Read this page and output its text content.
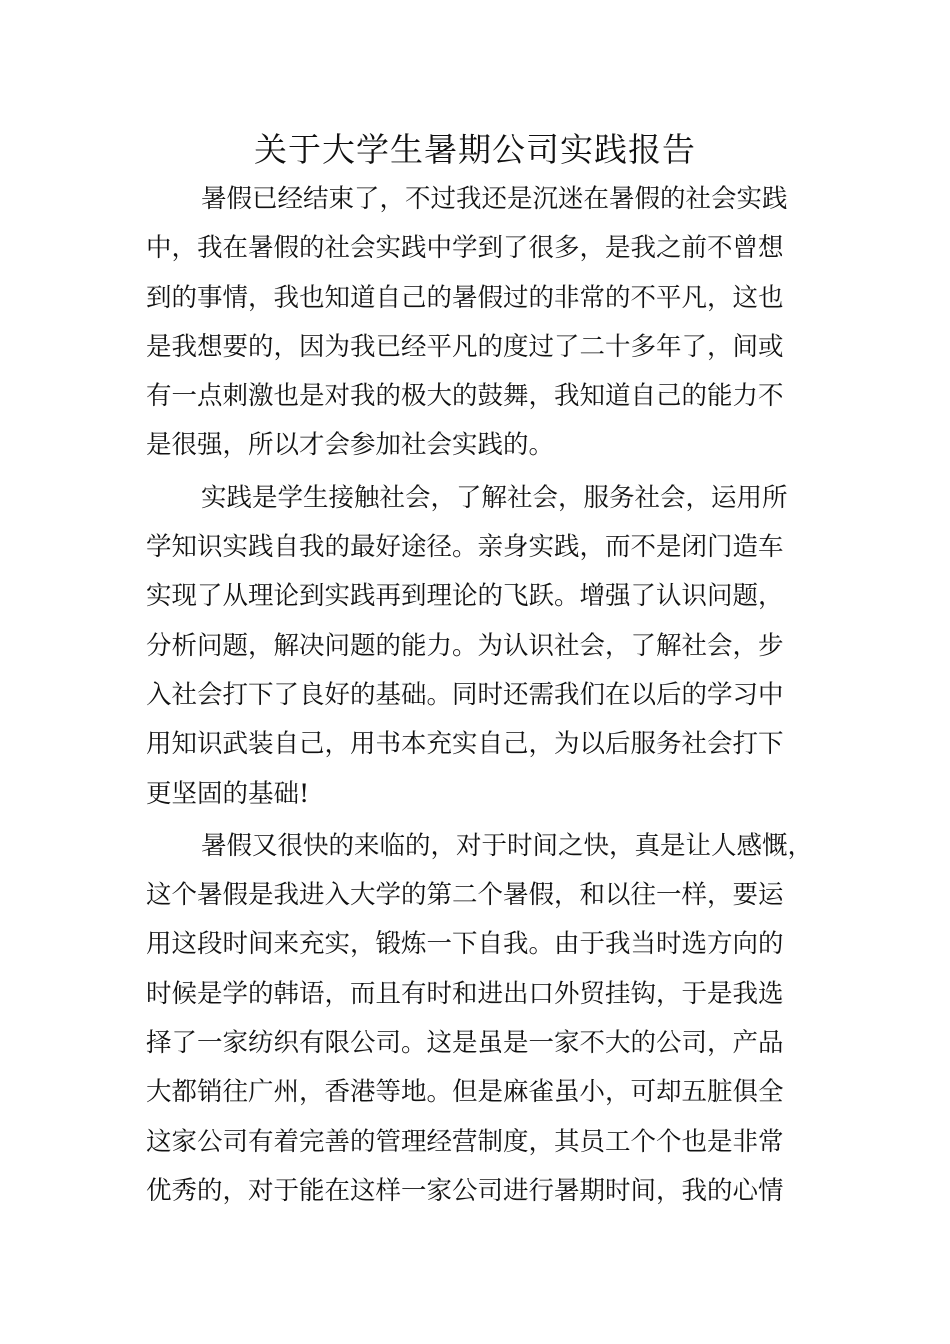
关于大学生暑期公司实践报告
暑假已经结束了，不过我还是沉迷在暑假的社会实践
中，我在暑假的社会实践中学到了很多，是我之前不曾想
到的事情，我也知道自己的暑假过的非常的不平凡，这也
是我想要的，因为我已经平凡的度过了二十多年了，间或
有一点刺激也是对我的极大的鼓舞，我知道自己的能力不
是很强，所以才会参加社会实践的。
实践是学生接触社会，了解社会，服务社会，运用所
学知识实践自我的最好途径。亲身实践，而不是闭门造车
实现了从理论到实践再到理论的飞跃。增强了认识问题，
分析问题，解决问题的能力。为认识社会，了解社会，步
入社会打下了良好的基础。同时还需我们在以后的学习中
用知识武装自己，用书本充实自己，为以后服务社会打下
更坚固的基础!
暑假又很快的来临的，对于时间之快，真是让人感慨，
这个暑假是我进入大学的第二个暑假，和以往一样，要运
用这段时间来充实，锻炼一下自我。由于我当时选方向的
时候是学的韩语，而且有时和进出口外贸挂钩，于是我选
择了一家纺织有限公司。这是虽是一家不大的公司，产品
大都销往广州，香港等地。但是麻雀虽小，可却五脏俱全
这家公司有着完善的管理经营制度，其员工个个也是非常
优秀的，对于能在这样一家公司进行暑期时间，我的心情
